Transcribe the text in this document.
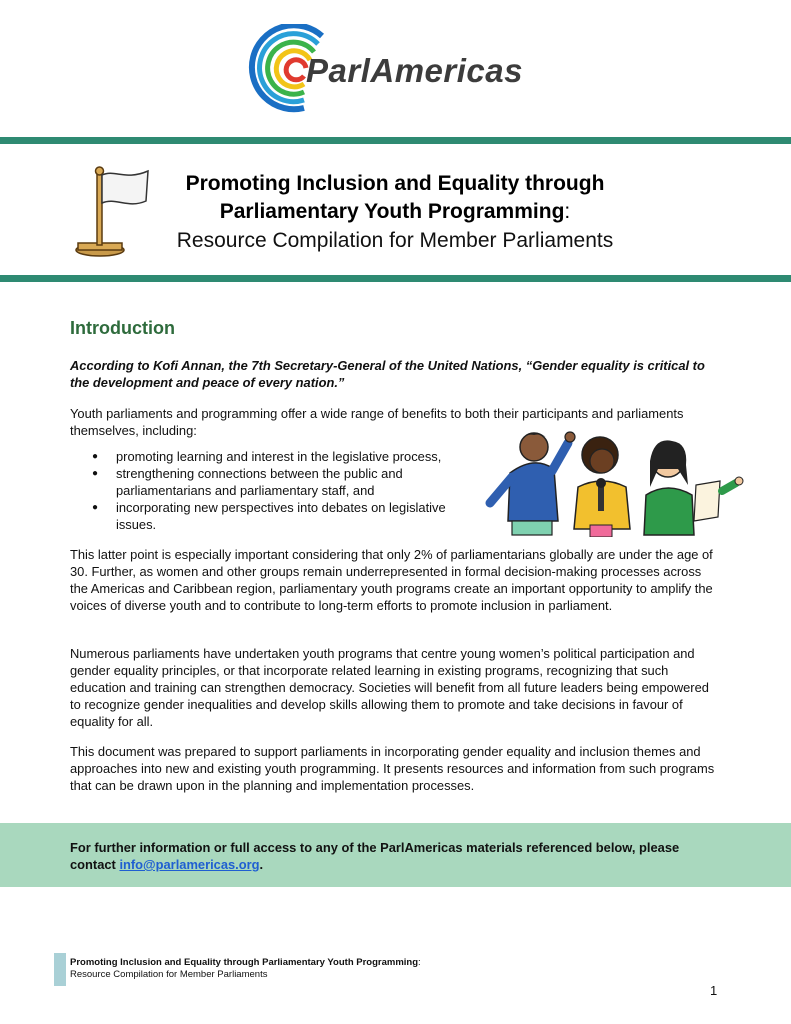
ParlAmericas
Promoting Inclusion and Equality through
Parliamentary Youth Programming:
Resource Compilation for Member Parliaments
Introduction
According to Kofi Annan, the 7th Secretary-General of the United Nations, “Gender equality is critical to the development and peace of every nation.”
Youth parliaments and programming offer a wide range of benefits to both their participants and parliaments themselves, including:
● promoting learning and interest in the legislative process,
● strengthening connections between the public and parliamentarians and parliamentary staff, and
● incorporating new perspectives into debates on legislative issues.
This latter point is especially important considering that only 2% of parliamentarians globally are under the age of 30. Further, as women and other groups remain underrepresented in formal decision-making processes across the Americas and Caribbean region, parliamentary youth programs create an important opportunity to amplify the voices of diverse youth and to contribute to long-term efforts to promote inclusion in parliament.
Numerous parliaments have undertaken youth programs that centre young women’s political participation and gender equality principles, or that incorporate related learning in existing programs, recognizing that such education and training can strengthen democracy. Societies will benefit from all future leaders being empowered to recognize gender inequalities and develop skills allowing them to promote and take decisions in favour of equality for all.
This document was prepared to support parliaments in incorporating gender equality and inclusion themes and approaches into new and existing youth programming. It presents resources and information from such programs that can be drawn upon in the planning and implementation processes.
For further information or full access to any of the ParlAmericas materials referenced below, please contact info@parlamericas.org.
Promoting Inclusion and Equality through Parliamentary Youth Programming:
Resource Compilation for Member Parliaments
1
